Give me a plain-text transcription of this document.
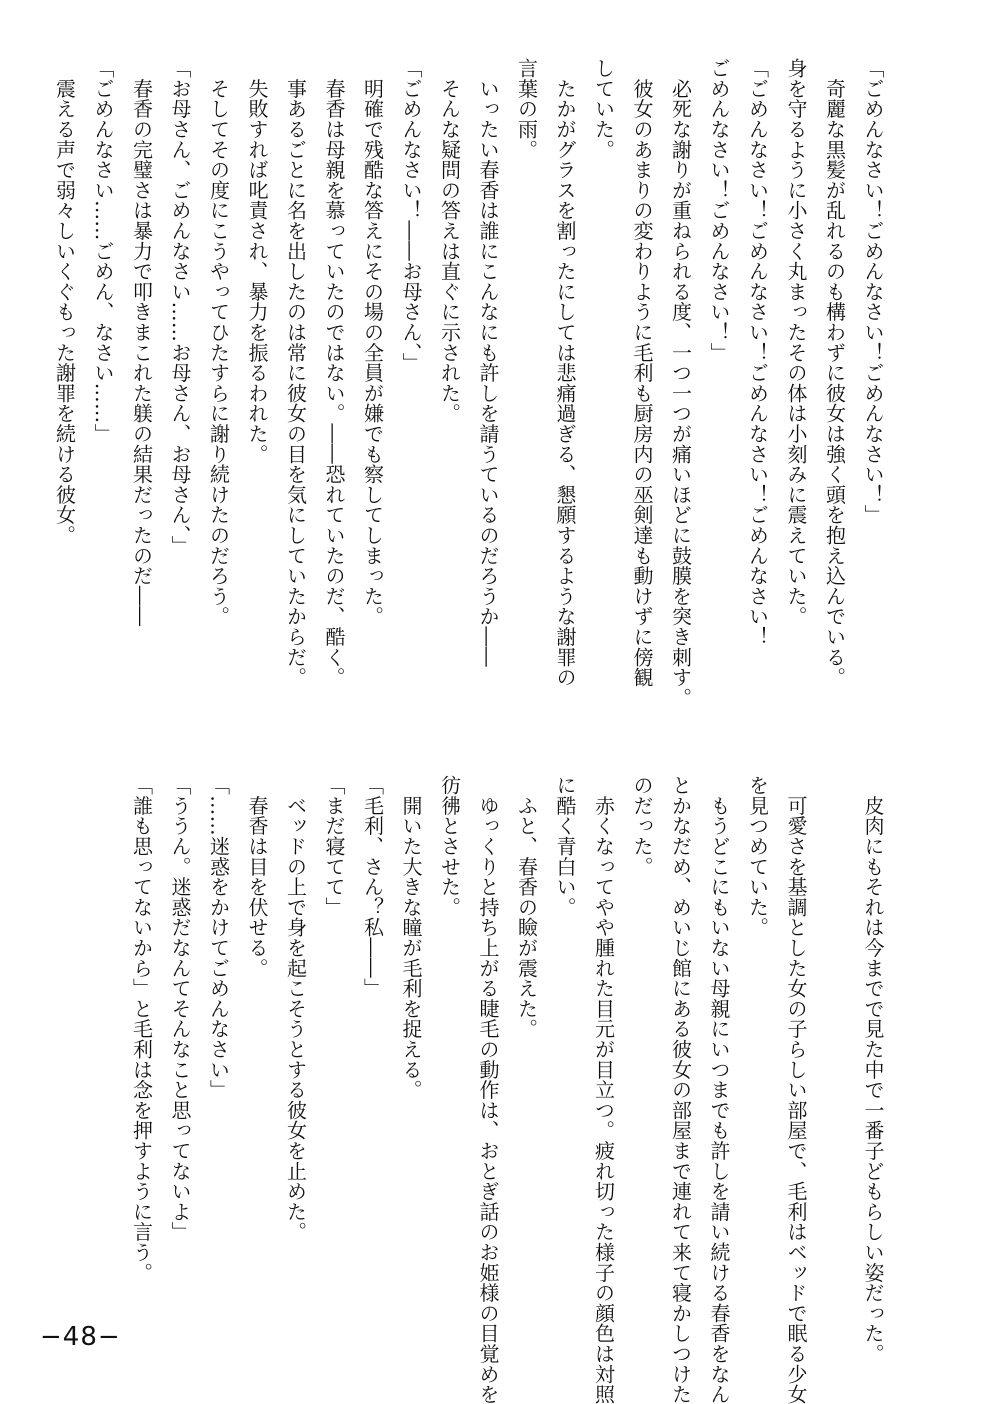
「ごめんなさい！ごめんなさい！ごめんなさい！」
　奇麗な黒髪が乱れるのも構わずに彼女は強く頭を抱え込んでいる。
身を守るように小さく丸まったその体は小刻みに震えていた。
「ごめんなさい！ごめんなさい！ごめんなさい！ごめんなさい！
ごめんなさい！ごめんなさい！」
　必死な謝りが重ねられる度、一つ一つが痛いほどに鼓膜を突き刺す。
　彼女のあまりの変わりように毛利も厨房内の巫剣達も動けずに傍観
していた。
　たかがグラスを割ったにしては悲痛過ぎる、懇願するような謝罪の
言葉の雨。
　いったい春香は誰にこんなにも許しを請うているのだろうか――
　そんな疑問の答えは直ぐに示された。
「ごめんなさい！――お母さん、」
　明確で残酷な答えにその場の全員が嫌でも察してしまった。
　春香は母親を慕っていたのではない。――恐れていたのだ、酷く。
　事あるごとに名を出したのは常に彼女の目を気にしていたからだ。
　失敗すれば叱責され、暴力を振るわれた。
　そしてその度にこうやってひたすらに謝り続けたのだろう。
「お母さん、ごめんなさい……お母さん、お母さん、」
　春香の完璧さは暴力で叩きまこれた躾の結果だったのだ――
「ごめんなさい……ごめん、なさい……」
　震える声で弱々しいくぐもった謝罪を続ける彼女。
　皮肉にもそれは今までで見た中で一番子どもらしい姿だった。

　可愛さを基調とした女の子らしい部屋で、毛利はベッドで眠る少女
を見つめていた。
　もうどこにもいない母親にいつまでも許しを請い続ける春香をなん
とかなだめ、めいじ館にある彼女の部屋まで連れて来て寝かしつけた
のだった。
　赤くなってやや腫れた目元が目立つ。疲れ切った様子の顔色は対照
に酷く青白い。
　ふと、春香の瞼が震えた。
　ゆっくりと持ち上がる睫毛の動作は、おとぎ話のお姫様の目覚めを
彷彿とさせた。
　開いた大きな瞳が毛利を捉える。
「毛利、さん？私――」
「まだ寝てて」
　ベッドの上で身を起こそうとする彼女を止めた。
　春香は目を伏せる。
「……迷惑をかけてごめんなさい」
「ううん。迷惑だなんてそんなこと思ってないよ」
「誰も思ってないから」と毛利は念を押すように言う。
−48−
